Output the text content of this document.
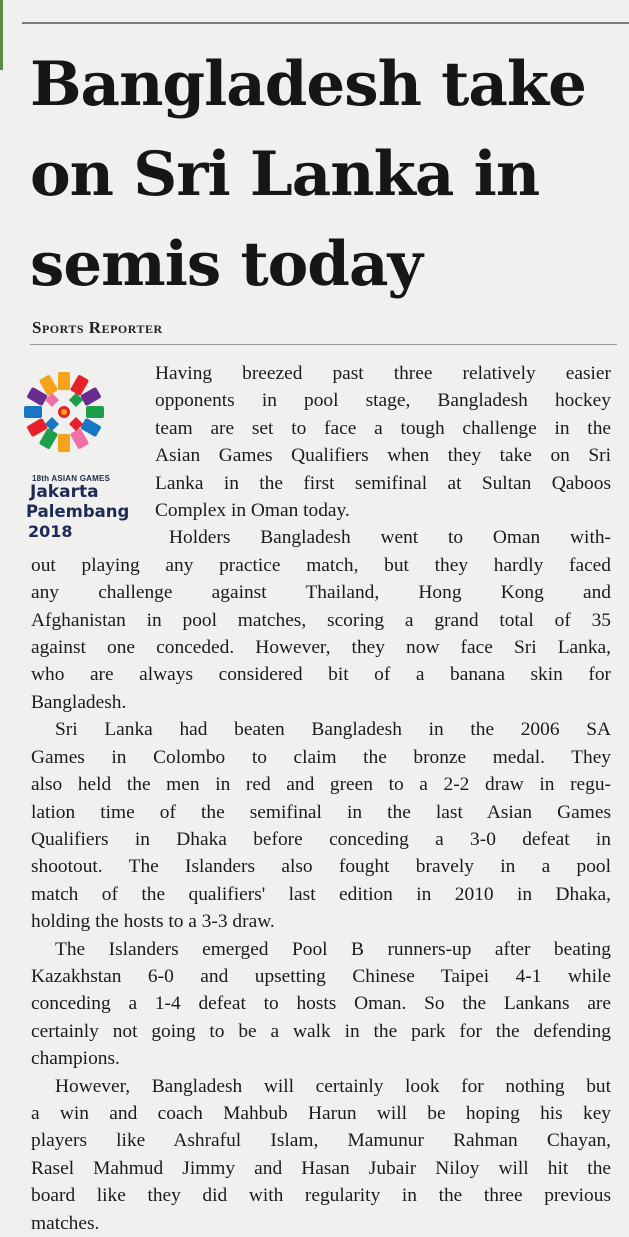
Bangladesh take
on Sri Lanka in
semis today
Sports Reporter
18th ASIAN GAMES
Jakarta
Palembang
2018
Having breezed past three relatively easier
opponents in pool stage, Bangladesh hockey
team are set to face a tough challenge in the
Asian Games Qualifiers when they take on Sri
Lanka in the first semifinal at Sultan Qaboos
Complex in Oman today.
Holders Bangladesh went to Oman with-
out playing any practice match, but they hardly faced
any challenge against Thailand, Hong Kong and
Afghanistan in pool matches, scoring a grand total of 35
against one conceded. However, they now face Sri Lanka,
who are always considered bit of a banana skin for
Bangladesh.
Sri Lanka had beaten Bangladesh in the 2006 SA
Games in Colombo to claim the bronze medal. They
also held the men in red and green to a 2-2 draw in regu-
lation time of the semifinal in the last Asian Games
Qualifiers in Dhaka before conceding a 3-0 defeat in
shootout. The Islanders also fought bravely in a pool
match of the qualifiers' last edition in 2010 in Dhaka,
holding the hosts to a 3-3 draw.
The Islanders emerged Pool B runners-up after beating
Kazakhstan 6-0 and upsetting Chinese Taipei 4-1 while
conceding a 1-4 defeat to hosts Oman. So the Lankans are
certainly not going to be a walk in the park for the defending
champions.
However, Bangladesh will certainly look for nothing but
a win and coach Mahbub Harun will be hoping his key
players like Ashraful Islam, Mamunur Rahman Chayan,
Rasel Mahmud Jimmy and Hasan Jubair Niloy will hit the
board like they did with regularity in the three previous
matches.
